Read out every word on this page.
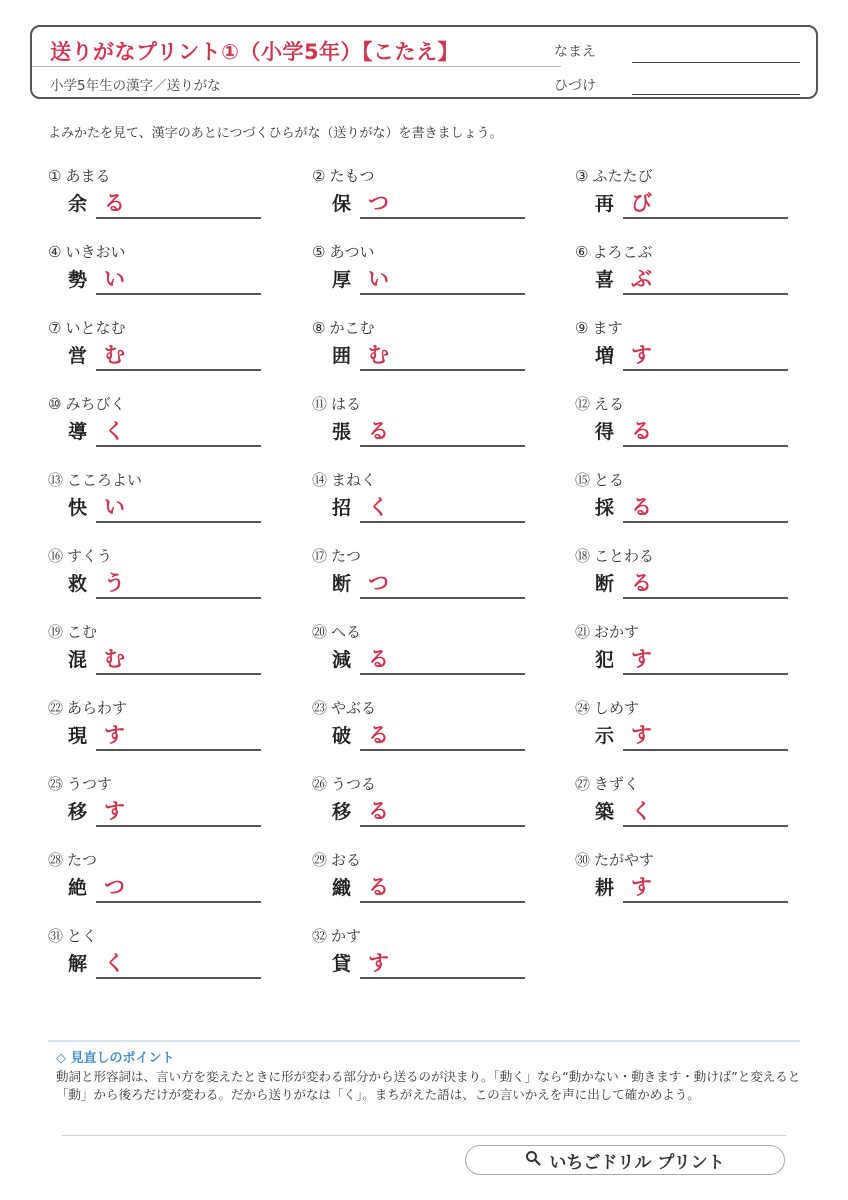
送りがなプリント①（小学5年）【こたえ】
小学5年生の漢字／送りがな
なまえ
ひづけ
よみかたを見て、漢字のあとにつづくひらがな（送りがな）を書きましょう。
① あまる
余 る
② たもつ
保 つ
③ ふたたび
再 び
④ いきおい
勢 い
⑤ あつい
厚 い
⑥ よろこぶ
喜 ぶ
⑦ いとなむ
営 む
⑧ かこむ
囲 む
⑨ ます
増 す
⑩ みちびく
導 く
⑪ はる
張 る
⑫ える
得 る
⑬ こころよい
快 い
⑭ まねく
招 く
⑮ とる
採 る
⑯ すくう
救 う
⑰ たつ
断 つ
⑱ ことわる
断 る
⑲ こむ
混 む
⑳ へる
減 る
㉑ おかす
犯 す
㉒ あらわす
現 す
㉓ やぶる
破 る
㉔ しめす
示 す
㉕ うつす
移 す
㉖ うつる
移 る
㉗ きずく
築 く
㉘ たつ
絶 つ
㉙ おる
織 る
㉚ たがやす
耕 す
㉛ とく
解 く
㉜ かす
貸 す
◇ 見直しのポイント
動詞と形容詞は、言い方を変えたときに形が変わる部分から送るのが決まり。「動く」なら“動かない・動きます・動けば”と変えると「動」から後ろだけが変わる。だから送りがなは「く」。まちがえた語は、この言いかえを声に出して確かめよう。
いちごドリル プリント
